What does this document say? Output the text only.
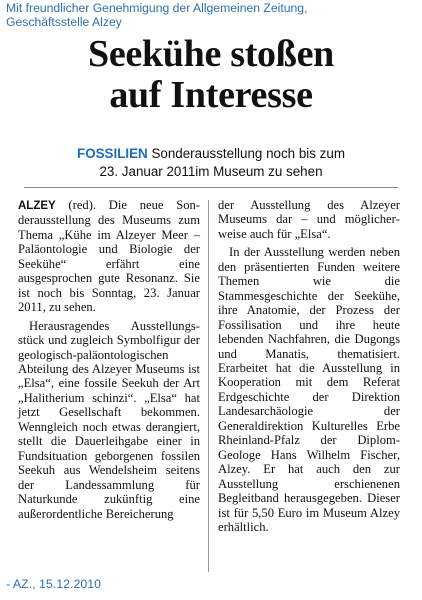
Mit freundlicher Genehmigung der Allgemeinen Zeitung,
Geschäftsstelle Alzey
Seekühe stoßen
auf Interesse
FOSSILIEN Sonderausstellung noch bis zum
23. Januar 2011im Museum zu sehen

ALZEY (red). Die neue Sonderausstellung des Museums zum Thema „Kühe im Alzeyer Meer – Paläontologie und Biologie der Seekühe“ erfährt eine ausgesprochen gute Resonanz. Sie ist noch bis Sonntag, 23. Januar 2011, zu sehen.

Herausragendes Ausstellungsstück und zugleich Symbolfigur der geologisch-paläontologischen Abteilung des Alzeyer Museums ist „Elsa“, eine fossile Seekuh der Art „Halitherium schinzi“. „Elsa“ hat jetzt Gesellschaft bekommen. Wenngleich noch etwas derangiert, stellt die Dauerleihgabe einer in Fundsituation geborgenen fossilen Seekuh aus Wendelsheim seitens der Landessammlung für Naturkunde zukünftig eine außerordentliche Bereicherung

der Ausstellung des Alzeyer Museums dar – und möglicherweise auch für „Elsa“.

In der Ausstellung werden neben den präsentierten Funden weitere Themen wie die Stammesgeschichte der Seekühe, ihre Anatomie, der Prozess der Fossilisation und ihre heute lebenden Nachfahren, die Dugongs und Manatis, thematisiert. Erarbeitet hat die Ausstellung in Kooperation mit dem Referat Erdgeschichte der Direktion Landesarchäologie der Generaldirektion Kulturelles Erbe Rheinland-Pfalz der Diplom-Geologe Hans Wilhelm Fischer, Alzey. Er hat auch den zur Ausstellung erschienenen Begleitband herausgegeben. Dieser ist für 5,50 Euro im Museum Alzey erhältlich.

- AZ., 15.12.2010
